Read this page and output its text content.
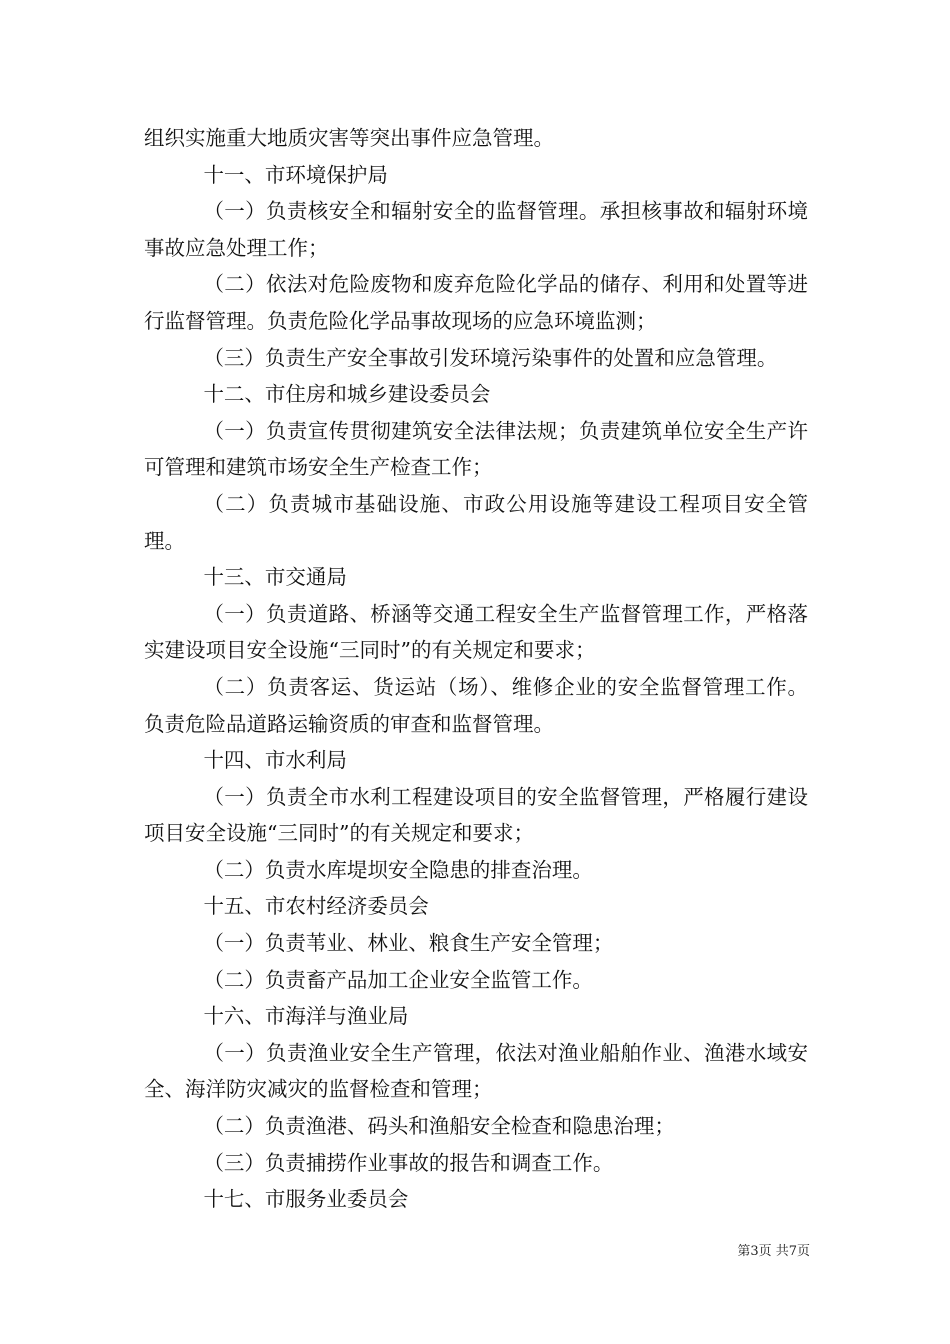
组织实施重大地质灾害等突出事件应急管理。

十一、市环境保护局

（一）负责核安全和辐射安全的监督管理。承担核事故和辐射环境事故应急处理工作；

（二）依法对危险废物和废弃危险化学品的储存、利用和处置等进行监督管理。负责危险化学品事故现场的应急环境监测；

（三）负责生产安全事故引发环境污染事件的处置和应急管理。

十二、市住房和城乡建设委员会

（一）负责宣传贯彻建筑安全法律法规；负责建筑单位安全生产许可管理和建筑市场安全生产检查工作；

（二）负责城市基础设施、市政公用设施等建设工程项目安全管理。

十三、市交通局

（一）负责道路、桥涵等交通工程安全生产监督管理工作，严格落实建设项目安全设施“三同时”的有关规定和要求；

（二）负责客运、货运站（场）、维修企业的安全监督管理工作。负责危险品道路运输资质的审查和监督管理。

十四、市水利局

（一）负责全市水利工程建设项目的安全监督管理，严格履行建设项目安全设施“三同时”的有关规定和要求；

（二）负责水库堤坝安全隐患的排查治理。

十五、市农村经济委员会

（一）负责苇业、林业、粮食生产安全管理；

（二）负责畜产品加工企业安全监管工作。

十六、市海洋与渔业局

（一）负责渔业安全生产管理，依法对渔业船舶作业、渔港水域安全、海洋防灾减灾的监督检查和管理；

（二）负责渔港、码头和渔船安全检查和隐患治理；

（三）负责捕捞作业事故的报告和调查工作。

十七、市服务业委员会

第3页 共7页
